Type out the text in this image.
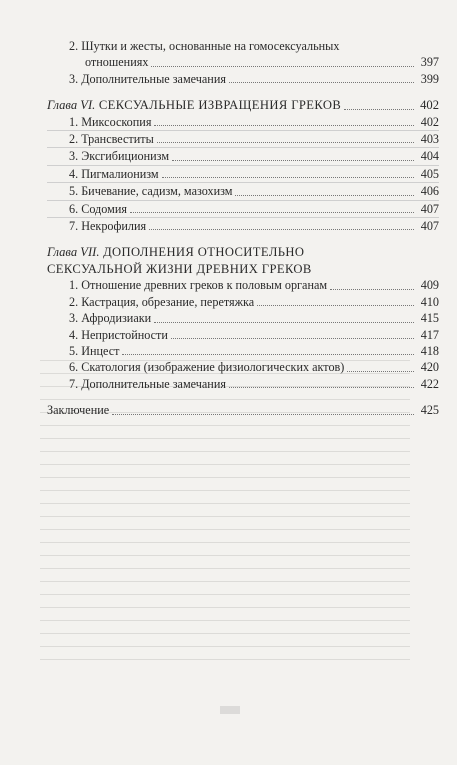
2. Шутки и жесты, основанные на гомосексуальных
отношениях	397
3. Дополнительные замечания	399
Глава VI. СЕКСУАЛЬНЫЕ ИЗВРАЩЕНИЯ ГРЕКОВ	402
1. Миксоскопия	402
2. Трансвеститы	403
3. Эксгибиционизм	404
4. Пигмалионизм	405
5. Бичевание, садизм, мазохизм	406
6. Содомия	407
7. Некрофилия	407
Глава VII. ДОПОЛНЕНИЯ ОТНОСИТЕЛЬНО
СЕКСУАЛЬНОЙ ЖИЗНИ ДРЕВНИХ ГРЕКОВ
1. Отношение древних греков к половым органам	409
2. Кастрация, обрезание, перетяжка	410
3. Афродизиаки	415
4. Непристойности	417
5. Инцест	418
6. Скатология (изображение физиологических актов)	420
7. Дополнительные замечания	422
Заключение	425
